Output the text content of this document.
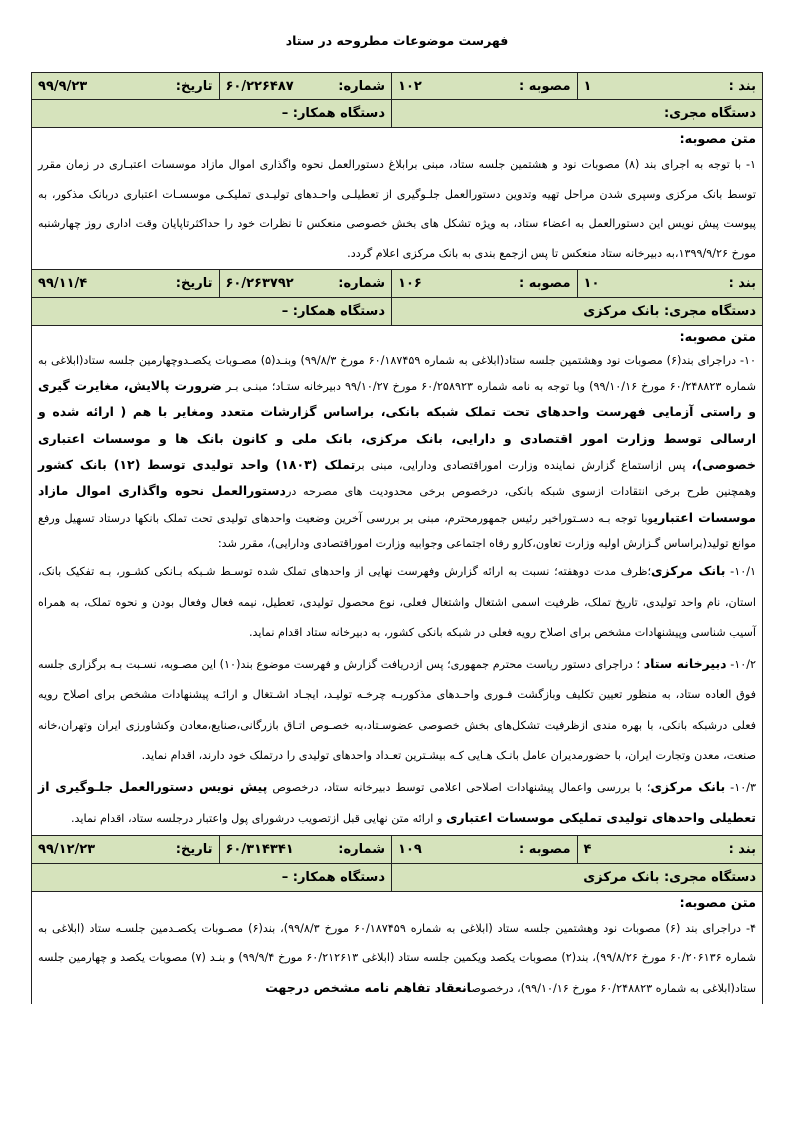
فهرست موضوعات مطروحه در ستاد
بند :
۱
مصوبه :
۱۰۲
شماره:
۶۰/۲۲۶۴۸۷
تاریخ:
۹۹/۹/۲۳
دستگاه مجری:
دستگاه همکار: –
متن مصوبه:

۱- با توجه به اجرای بند (۸) مصوبات نود و هشتمین جلسه ستاد، مبنی برابلاغ دستورالعمل نحوه واگذاری اموال مازاد موسسات اعتبـاری در زمان مقرر توسط بانک مرکزی وسپری شدن مراحل تهیه وتدوین دستورالعمل جلـوگیری از تعطیلـی واحـدهای تولیـدی تملیکـی موسسـات اعتباری دربانک مذکور، به پیوست پیش نویس این دستورالعمل به اعضاء ستاد، به ویژه تشکل های بخش خصوصی منعکس تا نظرات خود را حداکثرتاپایان وقت اداری روز چهارشنبه مورخ ۱۳۹۹/۹/۲۶،به دبیرخانه ستاد منعکس تا پس ازجمع بندی به بانک مرکزی اعلام گردد.

بند :
۱۰
مصوبه :
۱۰۶
شماره:
۶۰/۲۶۳۷۹۲
تاریخ:
۹۹/۱۱/۴
دستگاه مجری: بانک مرکزی
دستگاه همکار: –
متن مصوبه:

۱۰- دراجرای بند(۶) مصوبات نود وهشتمین جلسه ستاد(ابلاغی به شماره ۶۰/۱۸۷۴۵۹ مورخ ۹۹/۸/۳) وبنـد(۵) مصـوبات یکصـدوچهارمین جلسه ستاد(ابلاغی به شماره ۶۰/۲۴۸۸۲۳ مورخ ۹۹/۱۰/۱۶) وبا توجه به نامه شماره ۶۰/۲۵۸۹۲۳ مورخ ۹۹/۱۰/۲۷ دبیرخانه ستـاد؛ مبنـی بـر ضرورت پالایش، مغایرت گیری و راستی آزمایی فهرست واحدهای تحت تملک شبکه بانکی، براساس گزارشات متعدد ومغایر با هم ( ارائه شده و ارسالی توسط وزارت امور اقتصادی و دارایی، بانک مرکزی، بانک ملی و کانون بانک ها و موسسات اعتباری خصوصی)، پس ازاستماع گزارش نماینده وزارت اموراقتصادی ودارایی، مبنی برتملک (۱۸۰۳) واحد تولیدی توسط (۱۲) بانک کشور وهمچنین طرح برخی انتقادات ازسوی شبکه بانکی، درخصوص برخی محدودیت های مصرحه دردستورالعمل نحوه واگذاری اموال مازاد موسسات اعتباریوبا توجه بـه دسـتوراخیر رئیس جمهورمحترم، مبنی بر بررسی آخرین وضعیت واحدهای تولیدی تحت تملک بانکها درستاد تسهیل ورفع موانع تولید(براساس گـزارش اولیه وزارت تعاون،کارو رفاه اجتماعی وجوابیه وزارت اموراقتصادی ودارایی)، مقرر شد:

۱۰/۱- بانک مرکزی؛ظرف مدت دوهفته؛ نسبت به ارائه گزارش وفهرست نهایی از واحدهای تملک شده توسـط شـبکه بـانکی کشـور، بـه تفکیک بانک، استان، نام واحد تولیدی، تاریخ تملک، ظرفیت اسمی اشتغال واشتغال فعلی، نوع محصول تولیدی، تعطیل، نیمه فعال وفعال بودن و نحوه تملک، به همراه آسیب شناسی وپیشنهادات مشخص برای اصلاح رویه فعلی در شبکه بانکی کشور، به دبیرخانه ستاد اقدام نماید.

۱۰/۲- دبیرخانه ستاد ؛ دراجرای دستور ریاست محترم جمهوری؛ پس ازدریافت گزارش و فهرست موضوع بند(۱۰) این مصـوبه، نسـبت بـه برگزاری جلسه فوق العاده ستاد، به منظور تعیین تکلیف وبازگشت فـوری واحـدهای مذکوربـه چرخـه تولیـد، ایجـاد اشـتغال و ارائـه پیشنهادات مشخص برای اصلاح رویه فعلی درشبکه بانکی، با بهره مندی ازظرفیت تشکل‌های بخش خصوصی عضوسـتاد،به خصـوص اتـاق بازرگانی،صنایع،معادن وکشاورزی ایران وتهران،خانه صنعت، معدن وتجارت ایران، با حضورمدیران عامل بانـک هـایی کـه بیشـترین تعـداد واحدهای تولیدی را درتملک خود دارند، اقدام نماید.

۱۰/۳- بانک مرکزی؛ با بررسی واعمال پیشنهادات اصلاحی اعلامی توسط دبیرخانه ستاد، درخصوص پیش نویس دستورالعمل جلـوگیری از تعطیلی واحدهای تولیدی تملیکی موسسات اعتباری و ارائه متن نهایی قبل ازتصویب درشورای پول واعتبار درجلسه ستاد، اقدام نماید.

بند :
۴
مصوبه :
۱۰۹
شماره:
۶۰/۳۱۴۳۴۱
تاریخ:
۹۹/۱۲/۲۳
دستگاه مجری: بانک مرکزی
دستگاه همکار: –
متن مصوبه:

۴- دراجرای بند (۶) مصوبات نود وهشتمین جلسه ستاد (ابلاغی به شماره ۶۰/۱۸۷۴۵۹ مورخ ۹۹/۸/۳)، بند(۶) مصـوبات یکصـدمین جلسـه ستاد (ابلاغی به شماره ۶۰/۲۰۶۱۳۶ مورخ ۹۹/۸/۲۶)، بند(۲) مصوبات یکصد ویکمین جلسه ستاد (ابلاغی ۶۰/۲۱۲۶۱۳ مورخ ۹۹/۹/۴) و بنـد (۷) مصوبات یکصد و چهارمین جلسه ستاد(ابلاغی به شماره ۶۰/۲۴۸۸۲۳ مورخ ۹۹/۱۰/۱۶)، درخصوصانعقاد تفاهم نامه مشخص درجهت
